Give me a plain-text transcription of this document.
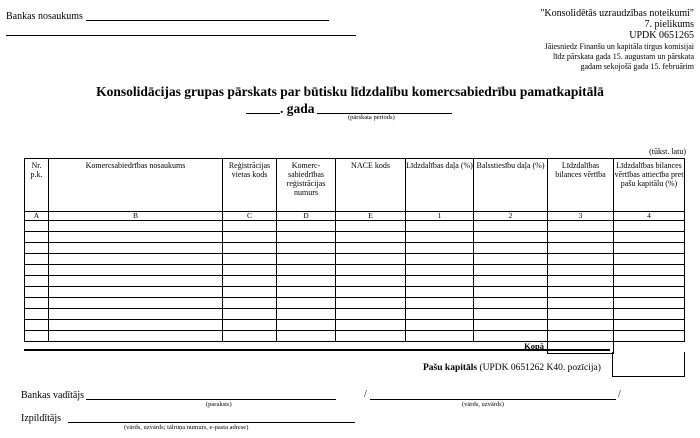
Bankas nosaukums	"Konsolidētās uzraudzības noteikumi"
7. pielikums
UPDK 0651265
Jāiesniedz Finanšu un kapitāla tirgus komisijai
līdz pārskata gada 15. augustam un pārskata
gadam sekojošā gada 15. februārim
Konsolidācijas grupas pārskats par būtisku līdzdalību komercsabiedrību pamatkapitālā
. gada
(pārskata periods)
(tūkst. latu)
Nr. p.k.	Komercsabiedrības nosaukums	Reģistrācijas vietas kods	Komerc-sabiedrības reģistrācijas numurs	NACE kods	Līdzdalības daļa (%)	Balsstiesību daļa (%)	Līdzdalības bilances vērtība	Līdzdalības bilances vērtības attiecība pret pašu kapitālu (%)
A	B	C	D	E	1	2	3	4

Kopā								
Pašu kapitāls (UPDK 0651262 K40. pozīcija)
Bankas vadītājs
(paraksts)
/	/
(vārds, uzvārds)
Izpildītājs
(vārds, uzvārds; tālruņa numurs, e-pasta adrese)
